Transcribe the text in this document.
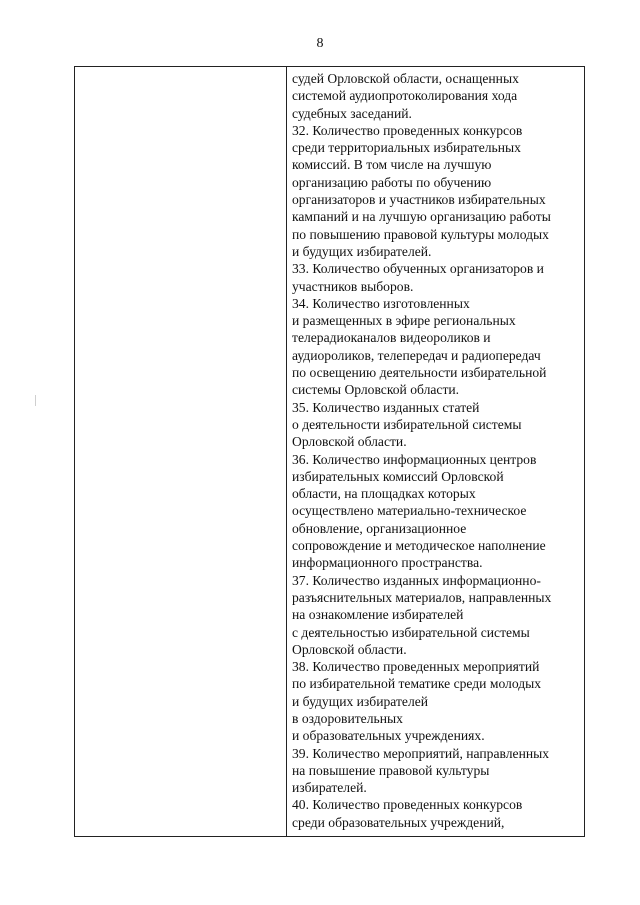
8
судей Орловской области, оснащенных
системой аудиопротоколирования хода
судебных заседаний.
32. Количество проведенных конкурсов
среди территориальных избирательных
комиссий. В том числе на лучшую
организацию работы по обучению
организаторов и участников избирательных
кампаний и на лучшую организацию работы
по повышению правовой культуры молодых
и будущих избирателей.
33. Количество обученных организаторов и
участников выборов.
34. Количество изготовленных
и размещенных в эфире региональных
телерадиоканалов видеороликов и
аудиороликов, телепередач и радиопередач
по освещению деятельности избирательной
системы Орловской области.
35. Количество изданных статей
о деятельности избирательной системы
Орловской области.
36. Количество информационных центров
избирательных комиссий Орловской
области, на площадках которых
осуществлено материально-техническое
обновление, организационное
сопровождение и методическое наполнение
информационного пространства.
37. Количество изданных информационно-
разъяснительных материалов, направленных
на ознакомление избирателей
с деятельностью избирательной системы
Орловской области.
38. Количество проведенных мероприятий
по избирательной тематике среди молодых
и будущих избирателей
в оздоровительных
и образовательных учреждениях.
39. Количество мероприятий, направленных
на повышение правовой культуры
избирателей.
40. Количество проведенных конкурсов
среди образовательных учреждений,
